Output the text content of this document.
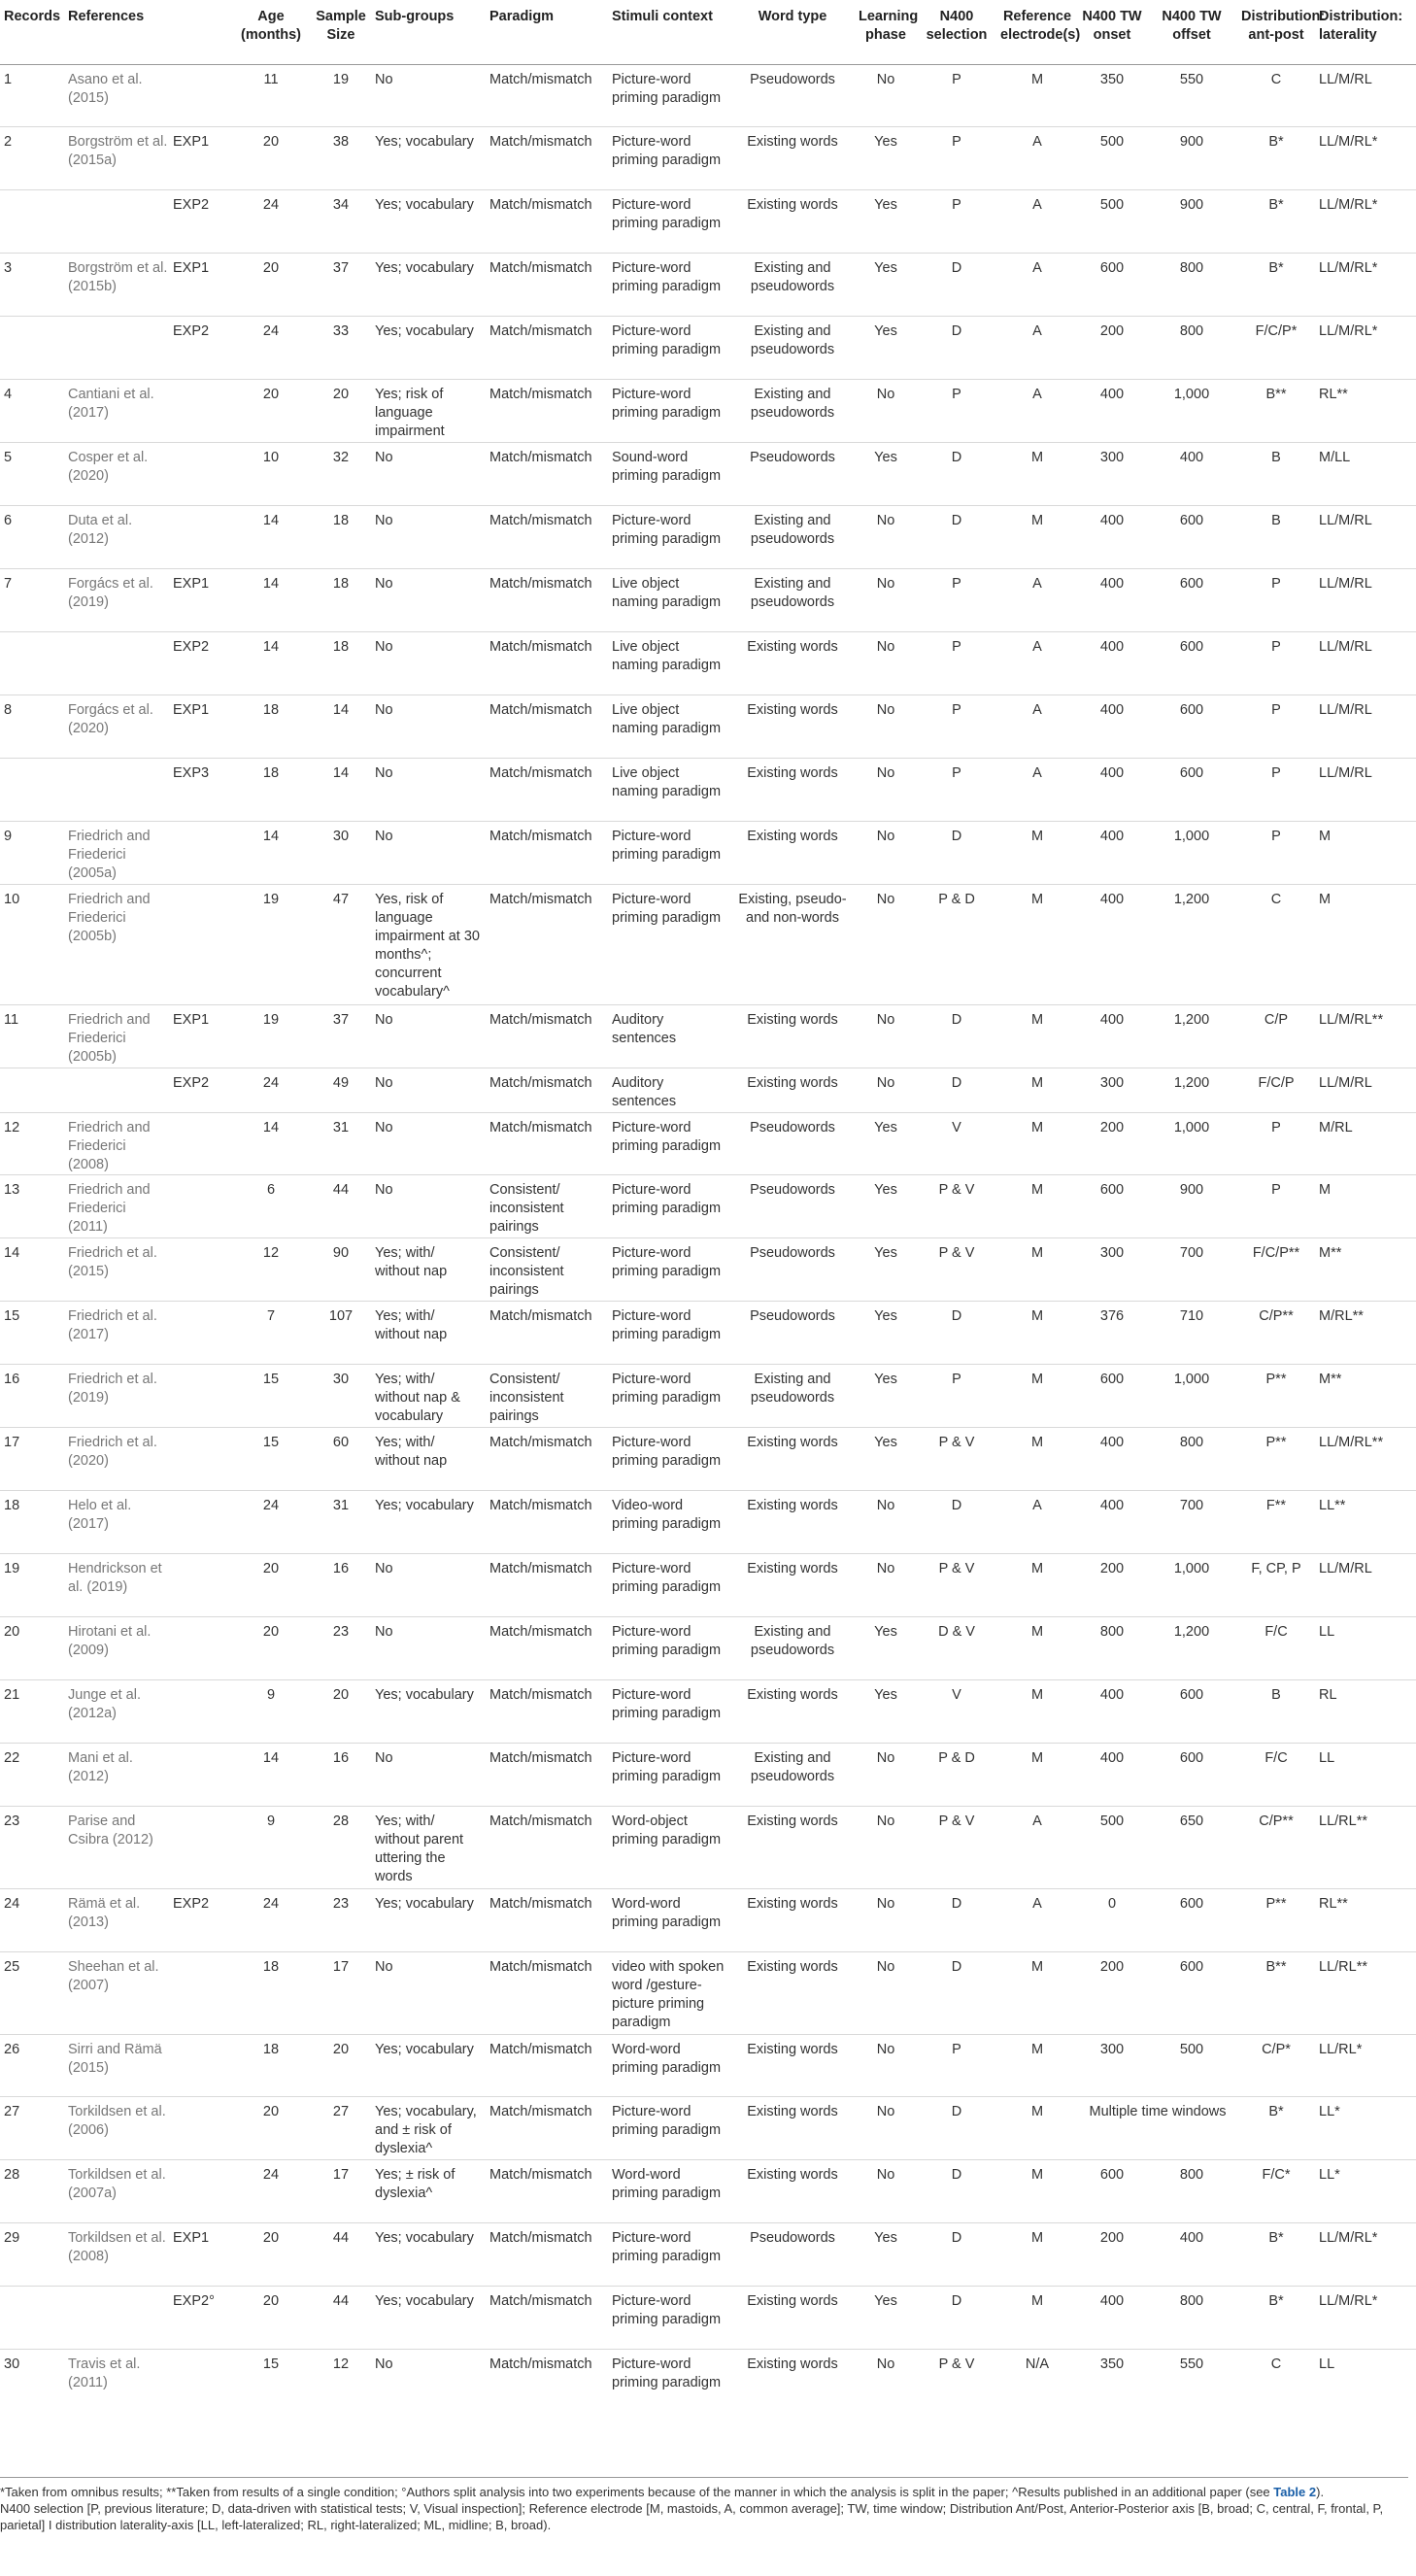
Records	References		Age (months)	Sample Size	Sub-groups	Paradigm	Stimuli context	Word type	Learning phase	N400 selection	Reference electrode(s)	N400 TW onset	N400 TW offset	Distribution: ant-post	Distribution: laterality
1	Asano et al. (2015)		11	19	No	Match/mismatch	Picture-word priming paradigm	Pseudowords	No	P	M	350	550	C	LL/M/RL
2	Borgström et al. (2015a)	EXP1	20	38	Yes; vocabulary	Match/mismatch	Picture-word priming paradigm	Existing words	Yes	P	A	500	900	B*	LL/M/RL*
		EXP2	24	34	Yes; vocabulary	Match/mismatch	Picture-word priming paradigm	Existing words	Yes	P	A	500	900	B*	LL/M/RL*
3	Borgström et al. (2015b)	EXP1	20	37	Yes; vocabulary	Match/mismatch	Picture-word priming paradigm	Existing and pseudowords	Yes	D	A	600	800	B*	LL/M/RL*
		EXP2	24	33	Yes; vocabulary	Match/mismatch	Picture-word priming paradigm	Existing and pseudowords	Yes	D	A	200	800	F/C/P*	LL/M/RL*
4	Cantiani et al. (2017)		20	20	Yes; risk of language impairment	Match/mismatch	Picture-word priming paradigm	Existing and pseudowords	No	P	A	400	1,000	B**	RL**
5	Cosper et al. (2020)		10	32	No	Match/mismatch	Sound-word priming paradigm	Pseudowords	Yes	D	M	300	400	B	M/LL
6	Duta et al. (2012)		14	18	No	Match/mismatch	Picture-word priming paradigm	Existing and pseudowords	No	D	M	400	600	B	LL/M/RL
7	Forgács et al. (2019)	EXP1	14	18	No	Match/mismatch	Live object naming paradigm	Existing and pseudowords	No	P	A	400	600	P	LL/M/RL
		EXP2	14	18	No	Match/mismatch	Live object naming paradigm	Existing words	No	P	A	400	600	P	LL/M/RL
8	Forgács et al. (2020)	EXP1	18	14	No	Match/mismatch	Live object naming paradigm	Existing words	No	P	A	400	600	P	LL/M/RL
		EXP3	18	14	No	Match/mismatch	Live object naming paradigm	Existing words	No	P	A	400	600	P	LL/M/RL
9	Friedrich and Friederici (2005a)		14	30	No	Match/mismatch	Picture-word priming paradigm	Existing words	No	D	M	400	1,000	P	M
10	Friedrich and Friederici (2005b)		19	47	Yes, risk of language impairment at 30 months^; concurrent vocabulary^	Match/mismatch	Picture-word priming paradigm	Existing, pseudo- and non-words	No	P & D	M	400	1,200	C	M
11	Friedrich and Friederici (2005b)	EXP1	19	37	No	Match/mismatch	Auditory sentences	Existing words	No	D	M	400	1,200	C/P	LL/M/RL**
		EXP2	24	49	No	Match/mismatch	Auditory sentences	Existing words	No	D	M	300	1,200	F/C/P	LL/M/RL
12	Friedrich and Friederici (2008)		14	31	No	Match/mismatch	Picture-word priming paradigm	Pseudowords	Yes	V	M	200	1,000	P	M/RL
13	Friedrich and Friederici (2011)		6	44	No	Consistent/ inconsistent pairings	Picture-word priming paradigm	Pseudowords	Yes	P & V	M	600	900	P	M
14	Friedrich et al. (2015)		12	90	Yes; with/ without nap	Consistent/ inconsistent pairings	Picture-word priming paradigm	Pseudowords	Yes	P & V	M	300	700	F/C/P**	M**
15	Friedrich et al. (2017)		7	107	Yes; with/ without nap	Match/mismatch	Picture-word priming paradigm	Pseudowords	Yes	D	M	376	710	C/P**	M/RL**
16	Friedrich et al. (2019)		15	30	Yes; with/ without nap & vocabulary	Consistent/ inconsistent pairings	Picture-word priming paradigm	Existing and pseudowords	Yes	P	M	600	1,000	P**	M**
17	Friedrich et al. (2020)		15	60	Yes; with/ without nap	Match/mismatch	Picture-word priming paradigm	Existing words	Yes	P & V	M	400	800	P**	LL/M/RL**
18	Helo et al. (2017)		24	31	Yes; vocabulary	Match/mismatch	Video-word priming paradigm	Existing words	No	D	A	400	700	F**	LL**
19	Hendrickson et al. (2019)		20	16	No	Match/mismatch	Picture-word priming paradigm	Existing words	No	P & V	M	200	1,000	F, CP, P	LL/M/RL
20	Hirotani et al. (2009)		20	23	No	Match/mismatch	Picture-word priming paradigm	Existing and pseudowords	Yes	D & V	M	800	1,200	F/C	LL
21	Junge et al. (2012a)		9	20	Yes; vocabulary	Match/mismatch	Picture-word priming paradigm	Existing words	Yes	V	M	400	600	B	RL
22	Mani et al. (2012)		14	16	No	Match/mismatch	Picture-word priming paradigm	Existing and pseudowords	No	P & D	M	400	600	F/C	LL
23	Parise and Csibra (2012)		9	28	Yes; with/ without parent uttering the words	Match/mismatch	Word-object priming paradigm	Existing words	No	P & V	A	500	650	C/P**	LL/RL**
24	Rämä et al. (2013)	EXP2	24	23	Yes; vocabulary	Match/mismatch	Word-word priming paradigm	Existing words	No	D	A	0	600	P**	RL**
25	Sheehan et al. (2007)		18	17	No	Match/mismatch	video with spoken word /gesture-picture priming paradigm	Existing words	No	D	M	200	600	B**	LL/RL**
26	Sirri and Rämä (2015)		18	20	Yes; vocabulary	Match/mismatch	Word-word priming paradigm	Existing words	No	P	M	300	500	C/P*	LL/RL*
27	Torkildsen et al. (2006)		20	27	Yes; vocabulary, and ± risk of dyslexia^	Match/mismatch	Picture-word priming paradigm	Existing words	No	D	M	Multiple time windows		B*	LL*
28	Torkildsen et al. (2007a)		24	17	Yes; ± risk of dyslexia^	Match/mismatch	Word-word priming paradigm	Existing words	No	D	M	600	800	F/C*	LL*
29	Torkildsen et al. (2008)	EXP1	20	44	Yes; vocabulary	Match/mismatch	Picture-word priming paradigm	Pseudowords	Yes	D	M	200	400	B*	LL/M/RL*
		EXP2°	20	44	Yes; vocabulary	Match/mismatch	Picture-word priming paradigm	Existing words	Yes	D	M	400	800	B*	LL/M/RL*
30	Travis et al. (2011)		15	12	No	Match/mismatch	Picture-word priming paradigm	Existing words	No	P & V	N/A	350	550	C	LL

*Taken from omnibus results; **Taken from results of a single condition; °Authors split analysis into two experiments because of the manner in which the analysis is split in the paper; ^Results published in an additional paper (see Table 2).

N400 selection [P, previous literature; D, data-driven with statistical tests; V, Visual inspection]; Reference electrode [M, mastoids, A, common average]; TW, time window; Distribution Ant/Post, Anterior-Posterior axis [B, broad; C, central, F, frontal, P, parietal] I distribution laterality-axis [LL, left-lateralized; RL, right-lateralized; ML, midline; B, broad).
